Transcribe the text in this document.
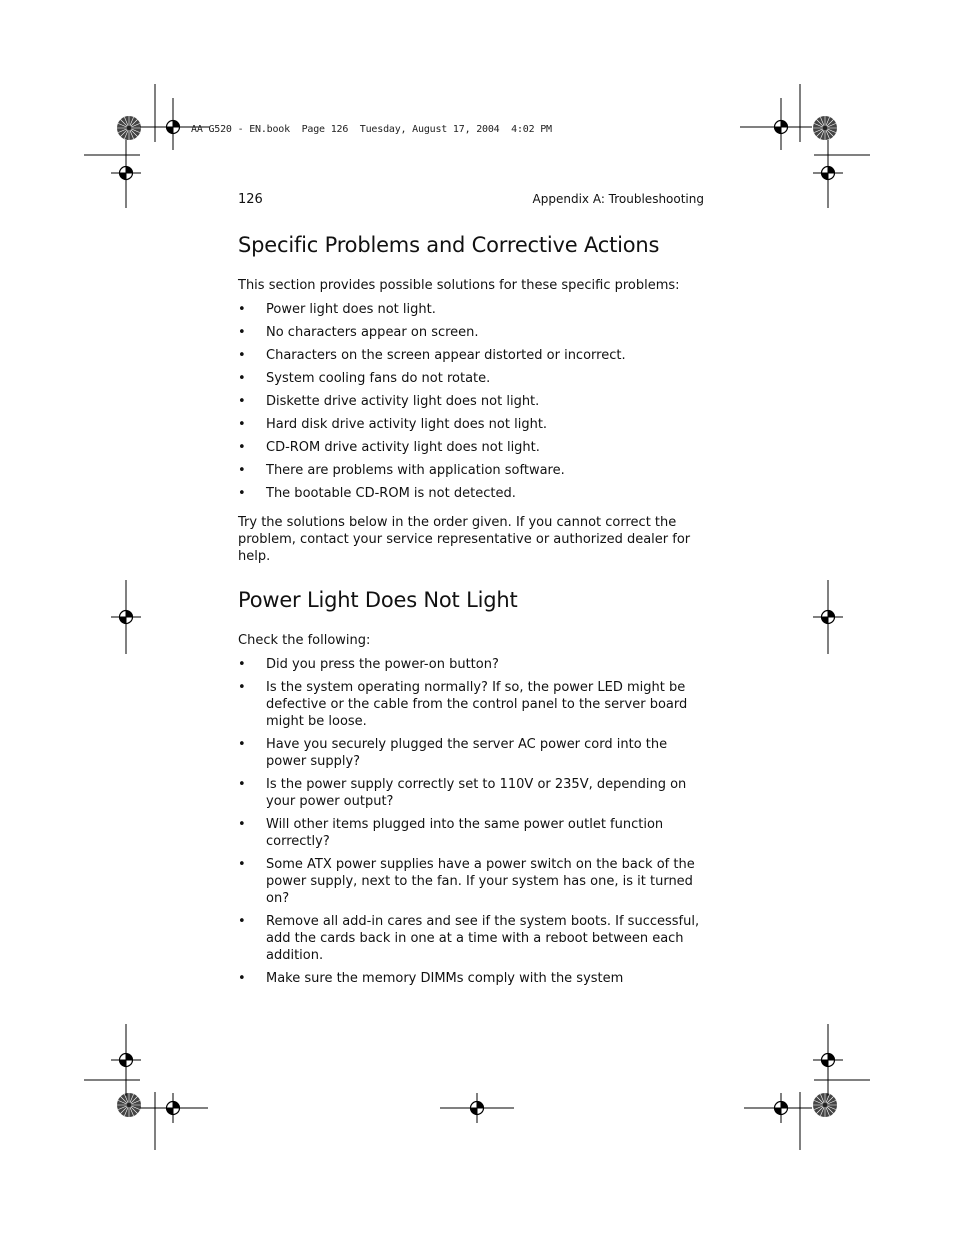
AA G520 - EN.book  Page 126  Tuesday, August 17, 2004  4:02 PM
126	Appendix A: Troubleshooting
Specific Problems and Corrective Actions

This section provides possible solutions for these specific problems:

• Power light does not light.
• No characters appear on screen.
• Characters on the screen appear distorted or incorrect.
• System cooling fans do not rotate.
• Diskette drive activity light does not light.
• Hard disk drive activity light does not light.
• CD-ROM drive activity light does not light.
• There are problems with application software.
• The bootable CD-ROM is not detected.

Try the solutions below in the order given. If you cannot correct the problem, contact your service representative or authorized dealer for help.

Power Light Does Not Light

Check the following:

• Did you press the power-on button?
• Is the system operating normally? If so, the power LED might be defective or the cable from the control panel to the server board might be loose.
• Have you securely plugged the server AC power cord into the power supply?
• Is the power supply correctly set to 110V or 235V, depending on your power output?
• Will other items plugged into the same power outlet function correctly?
• Some ATX power supplies have a power switch on the back of the power supply, next to the fan. If your system has one, is it turned on?
• Remove all add-in cares and see if the system boots. If successful, add the cards back in one at a time with a reboot between each addition.
• Make sure the memory DIMMs comply with the system
